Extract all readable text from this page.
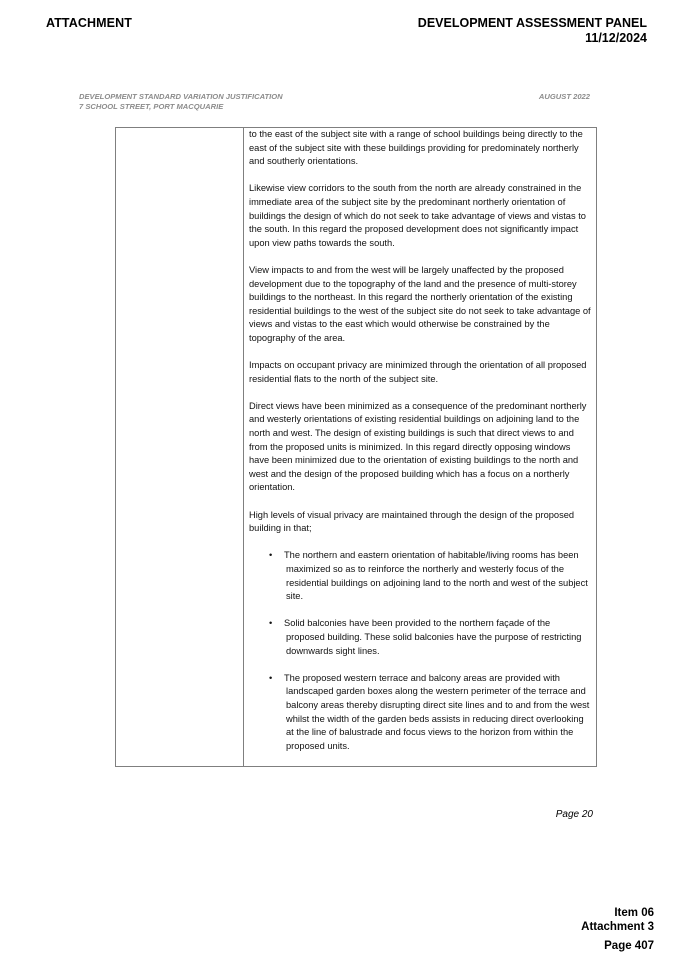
ATTACHMENT	DEVELOPMENT ASSESSMENT PANEL
11/12/2024
DEVELOPMENT STANDARD VARIATION JUSTIFICATION
7 SCHOOL STREET, PORT MACQUARIE
AUGUST 2022

to the east of the subject site with a range of school buildings being directly to the east of the subject site with these buildings providing for predominately northerly and southerly orientations.

Likewise view corridors to the south from the north are already constrained in the immediate area of the subject site by the predominant northerly orientation of buildings the design of which do not seek to take advantage of views and vistas to the south. In this regard the proposed development does not significantly impact upon view paths towards the south.

View impacts to and from the west will be largely unaffected by the proposed development due to the topography of the land and the presence of multi-storey buildings to the northeast. In this regard the northerly orientation of the existing residential buildings to the west of the subject site do not seek to take advantage of views and vistas to the east which would otherwise be constrained by the topography of the area.

Impacts on occupant privacy are minimized through the orientation of all proposed residential flats to the north of the subject site.

Direct views have been minimized as a consequence of the predominant northerly and westerly orientations of existing residential buildings on adjoining land to the north and west. The design of existing buildings is such that direct views to and from the proposed units is minimized. In this regard directly opposing windows have been minimized due to the orientation of existing buildings to the north and west and the design of the proposed building which has a focus on a northerly orientation.

High levels of visual privacy are maintained through the design of the proposed building in that;

• The northern and eastern orientation of habitable/living rooms has been maximized so as to reinforce the northerly and westerly focus of the residential buildings on adjoining land to the north and west of the subject site.
• Solid balconies have been provided to the northern façade of the proposed building. These solid balconies have the purpose of restricting downwards sight lines.
• The proposed western terrace and balcony areas are provided with landscaped garden boxes along the western perimeter of the terrace and balcony areas thereby disrupting direct site lines and to and from the west whilst the width of the garden beds assists in reducing direct overlooking at the line of balustrade and focus views to the horizon from within the proposed units.
Page 20
Item 06
Attachment 3
Page 407
